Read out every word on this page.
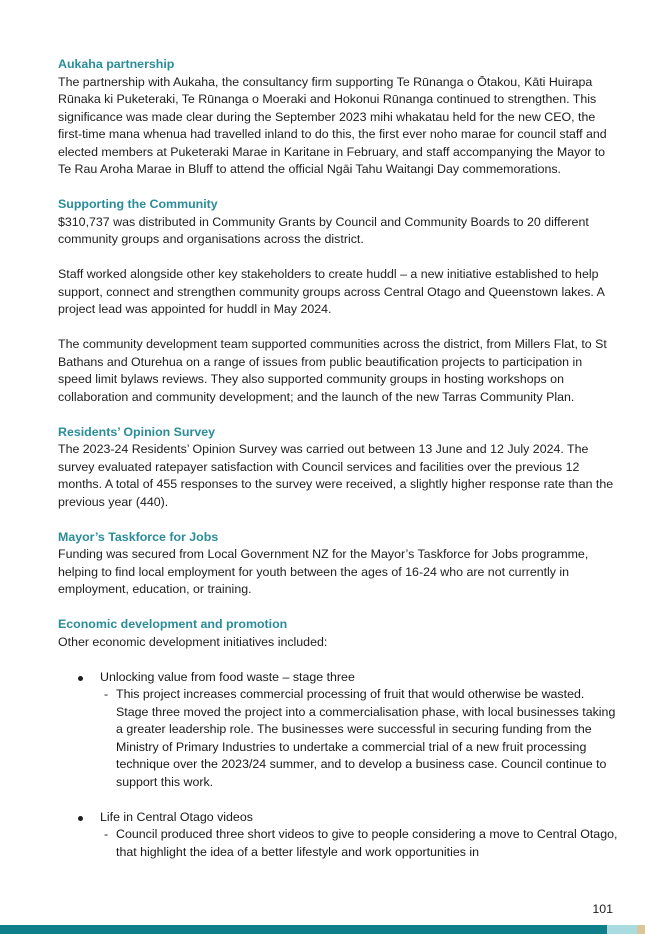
Aukaha partnership

The partnership with Aukaha, the consultancy firm supporting Te Rūnanga o Ōtakou, Kāti Huirapa Rūnaka ki Puketeraki, Te Rūnanga o Moeraki and Hokonui Rūnanga continued to strengthen. This significance was made clear during the September 2023 mihi whakatau held for the new CEO, the first-time mana whenua had travelled inland to do this, the first ever noho marae for council staff and elected members at Puketeraki Marae in Karitane in February, and staff accompanying the Mayor to Te Rau Aroha Marae in Bluff to attend the official Ngāi Tahu Waitangi Day commemorations.

Supporting the Community

$310,737 was distributed in Community Grants by Council and Community Boards to 20 different community groups and organisations across the district.

Staff worked alongside other key stakeholders to create huddl – a new initiative established to help support, connect and strengthen community groups across Central Otago and Queenstown lakes. A project lead was appointed for huddl in May 2024.

The community development team supported communities across the district, from Millers Flat, to St Bathans and Oturehua on a range of issues from public beautification projects to participation in speed limit bylaws reviews. They also supported community groups in hosting workshops on collaboration and community development; and the launch of the new Tarras Community Plan.

Residents’ Opinion Survey

The 2023-24 Residents’ Opinion Survey was carried out between 13 June and 12 July 2024. The survey evaluated ratepayer satisfaction with Council services and facilities over the previous 12 months. A total of 455 responses to the survey were received, a slightly higher response rate than the previous year (440).

Mayor’s Taskforce for Jobs

Funding was secured from Local Government NZ for the Mayor’s Taskforce for Jobs programme, helping to find local employment for youth between the ages of 16-24 who are not currently in employment, education, or training.

Economic development and promotion

Other economic development initiatives included:

Unlocking value from food waste – stage three
- This project increases commercial processing of fruit that would otherwise be wasted. Stage three moved the project into a commercialisation phase, with local businesses taking a greater leadership role. The businesses were successful in securing funding from the Ministry of Primary Industries to undertake a commercial trial of a new fruit processing technique over the 2023/24 summer, and to develop a business case. Council continue to support this work.
Life in Central Otago videos
- Council produced three short videos to give to people considering a move to Central Otago, that highlight the idea of a better lifestyle and work opportunities in
101
